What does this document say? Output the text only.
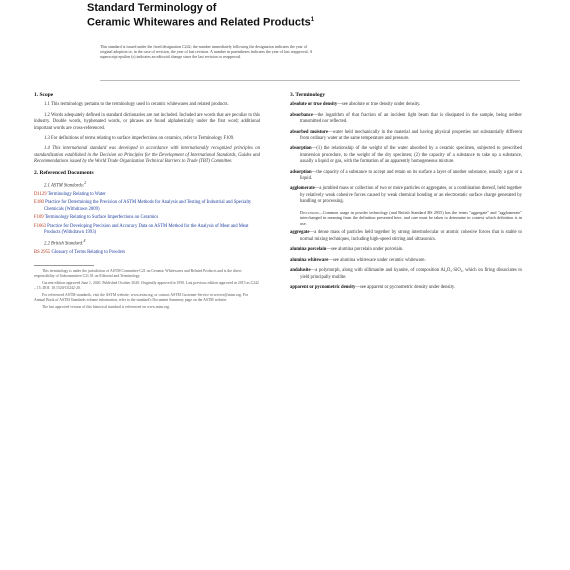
Standard Terminology of
Ceramic Whitewares and Related Products$^1$

This standard is issued under the fixed designation C242; the number immediately following the designation indicates the year of

original adoption or, in the case of revision, the year of last revision. A number in parentheses indicates the year of last reapproval. A

superscript epsilon (ε) indicates an editorial change since the last revision or reapproval.

1. Scope

1.1 This terminology pertains to the terminology used in ceramic whitewares and related products.

1.2 Words adequately defined in standard dictionaries are not included. Included are words that are peculiar to this industry. Double words, hyphenated words, or phrases are found alphabetically under the first word; additional important words are cross-referenced.

1.3 For definitions of terms relating to surface imperfections on ceramics, refer to Terminology F109.

1.4 This international standard was developed in accordance with internationally recognized principles on standardization established in the Decision on Principles for the Development of International Standards, Guides and Recommendations issued by the World Trade Organization Technical Barriers to Trade (TBT) Committee.

2. Referenced Documents
2.1 ASTM Standards:$^2$
D1129 Terminology Relating to Water
E180 Practice for Determining the Precision of ASTM Methods for Analysis and Testing of Industrial and Specialty Chemicals (Withdrawn 2009)
F109 Terminology Relating to Surface Imperfections on Ceramics
F1663 Practice for Developing Precision and Accuracy Data on ASTM Method for the Analysis of Meat and Meat Products (Withdrawn 1993)
2.2 British Standard:$^4$
BS 2955 Glossary of Terms Relating to Powders

This terminology is under the jurisdiction of ASTM Committee C21 on Ceramic Whitewares and Related Products and is the direct responsibility of Subcommittee C21.01 on Editorial and Terminology.

Current edition approved June 1, 2020. Published October 2020. Originally approved in 1950. Last previous edition approved in 2015 as C242 – 15. DOI: 10.1520/C0242-20.

For referenced ASTM standards, visit the ASTM website, www.astm.org, or contact ASTM Customer Service at service@astm.org. For Annual Book of ASTM Standards volume information, refer to the standard's Document Summary page on the ASTM website.

The last approved version of this historical standard is referenced on www.astm.org.

3. Terminology

absolute or true density—see absolute or true density under density.

absorbance—the logarithm of that fraction of an incident light beam that is dissipated in the sample, being neither transmitted nor reflected.

absorbed moisture—water held mechanically in the material and having physical properties not substantially different from ordinary water at the same temperature and pressure.

absorption—(1) the relationship of the weight of the water absorbed by a ceramic specimen, subjected to prescribed immersion procedure, to the weight of the dry specimen; (2) the capacity of a substance to take up a substance, usually a liquid or gas, with the formation of an apparently homogeneous mixture.

adsorption—the capacity of a substance to accept and retain on its surface a layer of another substance, usually a gas or a liquid.

agglomerate—a jumbled mass or collection of two or more particles or aggregates, or a combination thereof, held together by relatively weak cohesive forces caused by weak chemical bonding or an electrostatic surface charge generated by handling or processing.

Discussion—Common usage in powder technology (and British Standard BS 2955) has the terms "aggregate" and "agglomerate" interchanged in meaning from the definition presented here, and care must be taken to determine in context which definition is in use.

aggregate—a dense mass of particles held together by strong intermolecular or atomic cohesive forces that is stable to normal mixing techniques, including high-speed stirring and ultrasonics.

alumina porcelain—see alumina porcelain under porcelain.

alumina whiteware—see alumina whiteware under ceramic whiteware.

andalusite—a polymorph, along with sillimanite and kyanite, of composition Al₂O₃·SiO₂, which on firing dissociates to yield principally mullite.

apparent or pycnometric density—see apparent or pycnometric density under density.
